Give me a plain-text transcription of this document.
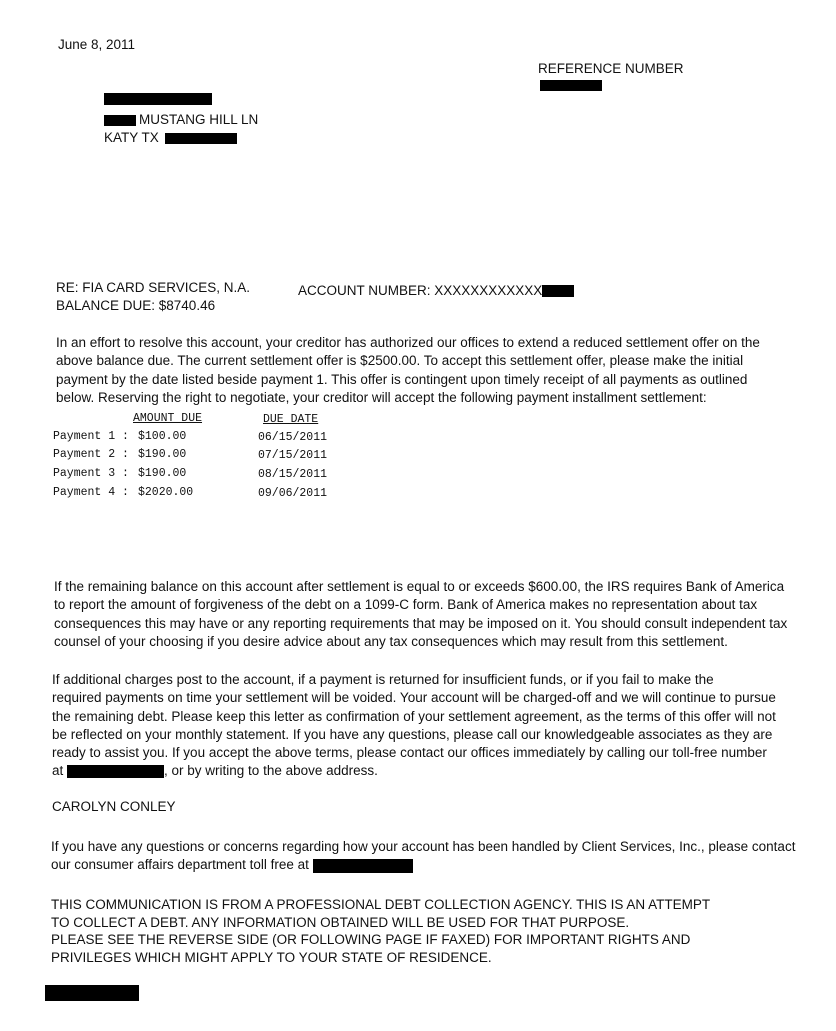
June 8, 2011
REFERENCE NUMBER
MUSTANG HILL LN
KATY TX
RE: FIA CARD SERVICES, N.A.	ACCOUNT NUMBER: XXXXXXXXXXXX
BALANCE DUE: $8740.46
In an effort to resolve this account, your creditor has authorized our offices to extend a reduced settlement offer on the
above balance due. The current settlement offer is $2500.00. To accept this settlement offer, please make the initial
payment by the date listed beside payment 1. This offer is contingent upon timely receipt of all payments as outlined
below. Reserving the right to negotiate, your creditor will accept the following payment installment settlement:
AMOUNT DUE	DUE DATE
Payment 1 : $100.00	06/15/2011
Payment 2 : $190.00	07/15/2011
Payment 3 : $190.00	08/15/2011
Payment 4 : $2020.00	09/06/2011
If the remaining balance on this account after settlement is equal to or exceeds $600.00, the IRS requires Bank of America
to report the amount of forgiveness of the debt on a 1099-C form. Bank of America makes no representation about tax
consequences this may have or any reporting requirements that may be imposed on it. You should consult independent tax
counsel of your choosing if you desire advice about any tax consequences which may result from this settlement.
If additional charges post to the account, if a payment is returned for insufficient funds, or if you fail to make the
required payments on time your settlement will be voided. Your account will be charged-off and we will continue to pursue
the remaining debt. Please keep this letter as confirmation of your settlement agreement, as the terms of this offer will not
be reflected on your monthly statement. If you have any questions, please call our knowledgeable associates as they are
ready to assist you. If you accept the above terms, please contact our offices immediately by calling our toll-free number
at	, or by writing to the above address.
CAROLYN CONLEY
If you have any questions or concerns regarding how your account has been handled by Client Services, Inc., please contact
our consumer affairs department toll free at
THIS COMMUNICATION IS FROM A PROFESSIONAL DEBT COLLECTION AGENCY. THIS IS AN ATTEMPT
TO COLLECT A DEBT. ANY INFORMATION OBTAINED WILL BE USED FOR THAT PURPOSE.
PLEASE SEE THE REVERSE SIDE (OR FOLLOWING PAGE IF FAXED) FOR IMPORTANT RIGHTS AND
PRIVILEGES WHICH MIGHT APPLY TO YOUR STATE OF RESIDENCE.
